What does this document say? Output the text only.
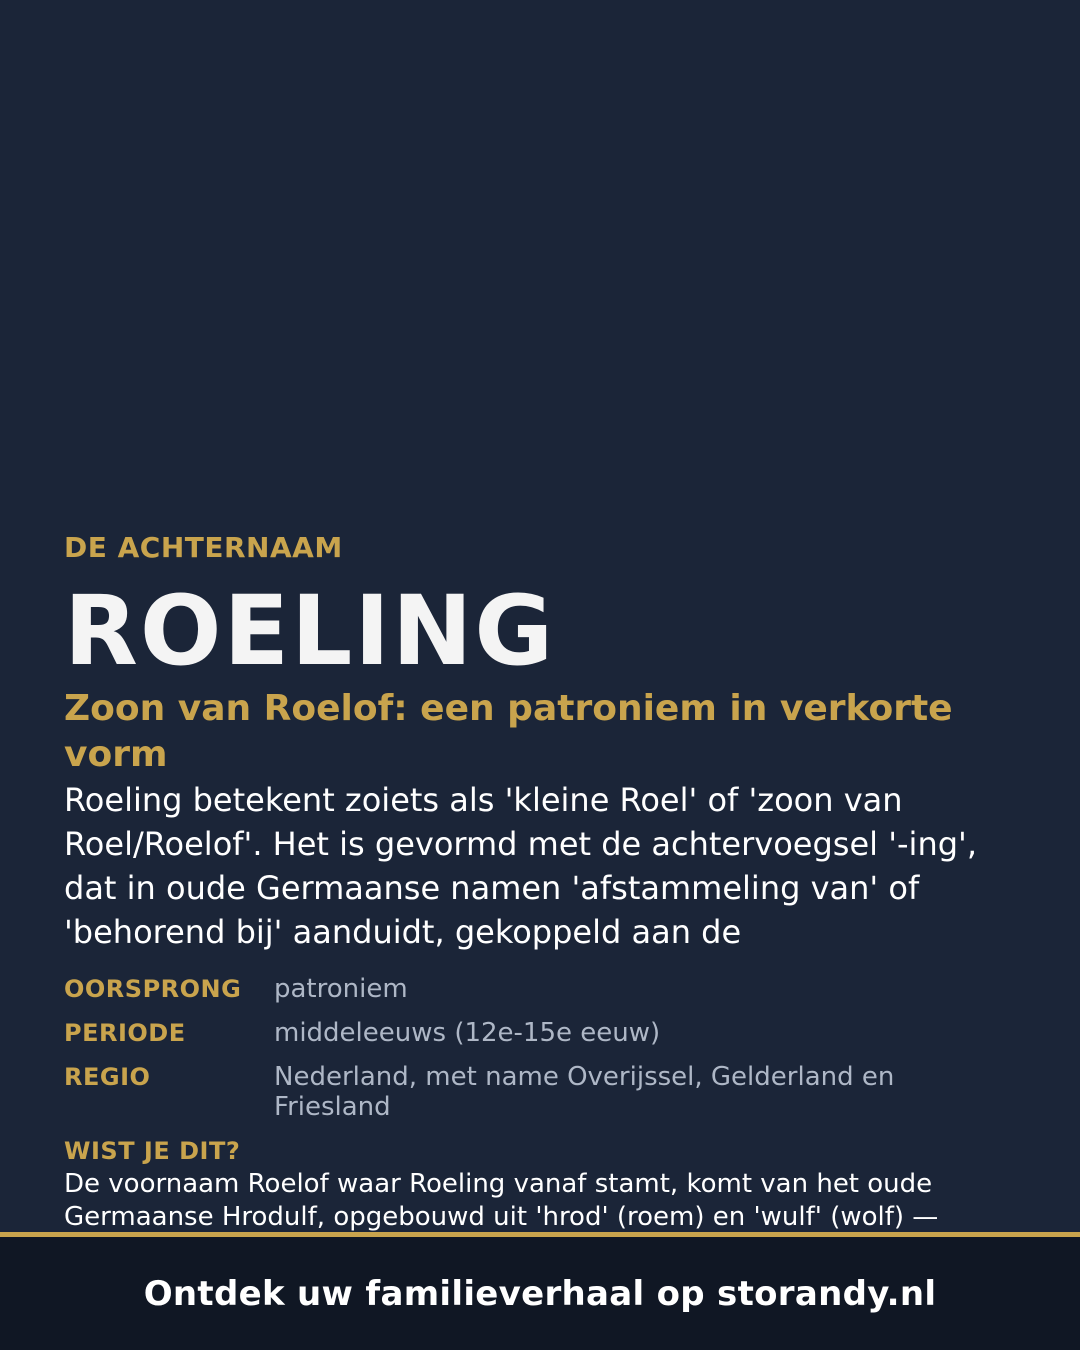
DE ACHTERNAAM
ROELING
Zoon van Roelof: een patroniem in verkorte vorm
Roeling betekent zoiets als 'kleine Roel' of 'zoon van Roel/Roelof'. Het is gevormd met de achtervoegsel '-ing', dat in oude Germaanse namen 'afstammeling van' of 'behorend bij' aanduidt, gekoppeld aan de
OORSPRONG	patroniem
PERIODE	middeleeuws (12e-15e eeuw)
REGIO	Nederland, met name Overijssel, Gelderland en Friesland
WIST JE DIT?
De voornaam Roelof waar Roeling vanaf stamt, komt van het oude Germaanse Hrodulf, opgebouwd uit 'hrod' (roem) en 'wulf' (wolf) —
Ontdek uw familieverhaal op storandy.nl
